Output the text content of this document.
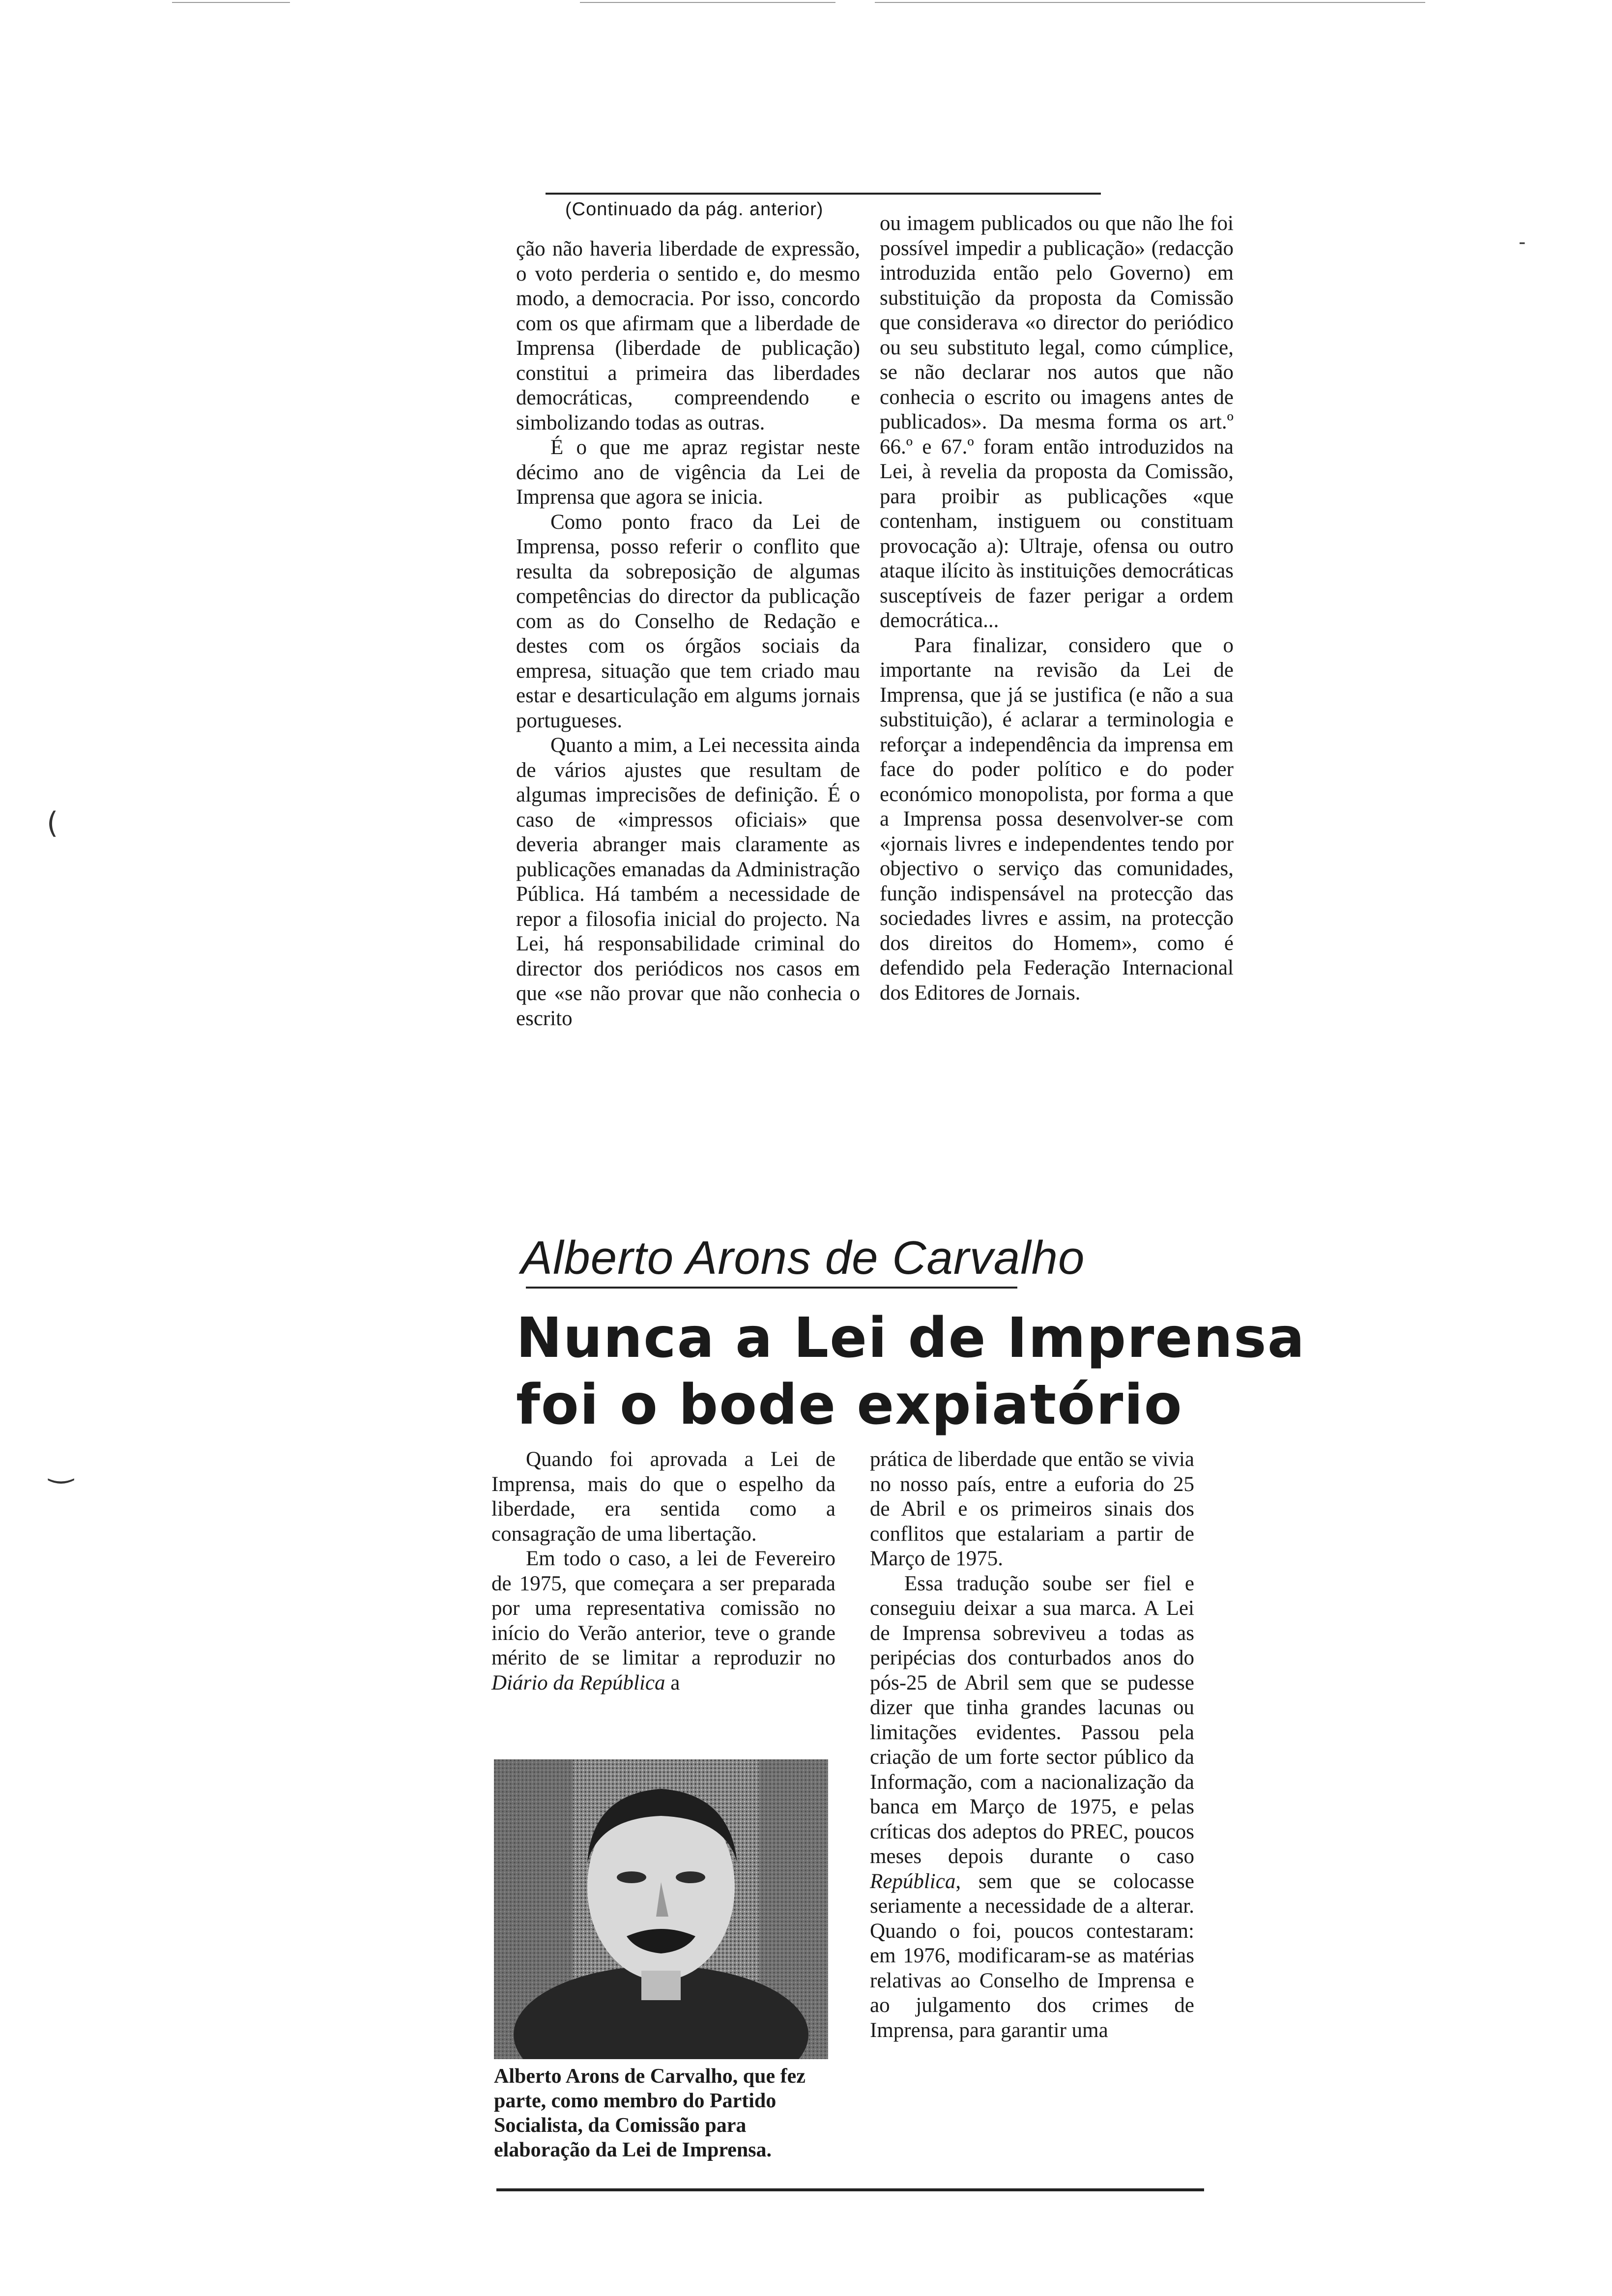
(
‿
-
(Continuado da pág. anterior)

ção não haveria liberdade de expressão, o voto perderia o sentido e, do mesmo modo, a democracia. Por isso, concordo com os que afirmam que a liberdade de Imprensa (liberdade de publicação) constitui a primeira das liberdades democráticas, compreendendo e simbolizando todas as outras.

É o que me apraz registar neste décimo ano de vigência da Lei de Imprensa que agora se inicia.

Como ponto fraco da Lei de Imprensa, posso referir o conflito que resulta da sobreposição de algumas competências do director da publicação com as do Conselho de Redação e destes com os órgãos sociais da empresa, situação que tem criado mau estar e desarticulação em algums jornais portugueses.

Quanto a mim, a Lei necessita ainda de vários ajustes que resultam de algumas imprecisões de definição. É o caso de «impressos oficiais» que deveria abranger mais claramente as publicações emanadas da Administração Pública. Há também a necessidade de repor a filosofia inicial do projecto. Na Lei, há responsabilidade criminal do director dos periódicos nos casos em que «se não provar que não conhecia o escrito

ou imagem publicados ou que não lhe foi possível impedir a publicação» (redacção introduzida então pelo Governo) em substituição da proposta da Comissão que considerava «o director do periódico ou seu substituto legal, como cúmplice, se não declarar nos autos que não conhecia o escrito ou imagens antes de publicados». Da mesma forma os art.º 66.º e 67.º foram então introduzidos na Lei, à revelia da proposta da Comissão, para proibir as publicações «que contenham, instiguem ou constituam provocação a): Ultraje, ofensa ou outro ataque ilícito às instituições democráticas susceptíveis de fazer perigar a ordem democrática...

Para finalizar, considero que o importante na revisão da Lei de Imprensa, que já se justifica (e não a sua substituição), é aclarar a terminologia e reforçar a independência da imprensa em face do poder político e do poder económico monopolista, por forma a que a Imprensa possa desenvolver-se com «jornais livres e independentes tendo por objectivo o serviço das comunidades, função indispensável na protecção das sociedades livres e assim, na protecção dos direitos do Homem», como é defendido pela Federação Internacional dos Editores de Jornais.

Alberto Arons de Carvalho
Nunca a Lei de Imprensa
foi o bode expiatório

Quando foi aprovada a Lei de Imprensa, mais do que o espelho da liberdade, era sentida como a consagração de uma libertação.

Em todo o caso, a lei de Fevereiro de 1975, que começara a ser preparada por uma representativa comissão no início do Verão anterior, teve o grande mérito de se limitar a reproduzir no Diário da República a

Alberto Arons de Carvalho, que fez parte, como membro do Partido Socialista, da Comissão para elaboração da Lei de Imprensa.

prática de liberdade que então se vivia no nosso país, entre a euforia do 25 de Abril e os primeiros sinais dos conflitos que estalariam a partir de Março de 1975.

Essa tradução soube ser fiel e conseguiu deixar a sua marca. A Lei de Imprensa sobreviveu a todas as peripécias dos conturbados anos do pós-25 de Abril sem que se pudesse dizer que tinha grandes lacunas ou limitações evidentes. Passou pela criação de um forte sector público da Informação, com a nacionalização da banca em Março de 1975, e pelas críticas dos adeptos do PREC, poucos meses depois durante o caso República, sem que se colocasse seriamente a necessidade de a alterar. Quando o foi, poucos contestaram: em 1976, modificaram-se as matérias relativas ao Conselho de Imprensa e ao julgamento dos crimes de Imprensa, para garantir uma
